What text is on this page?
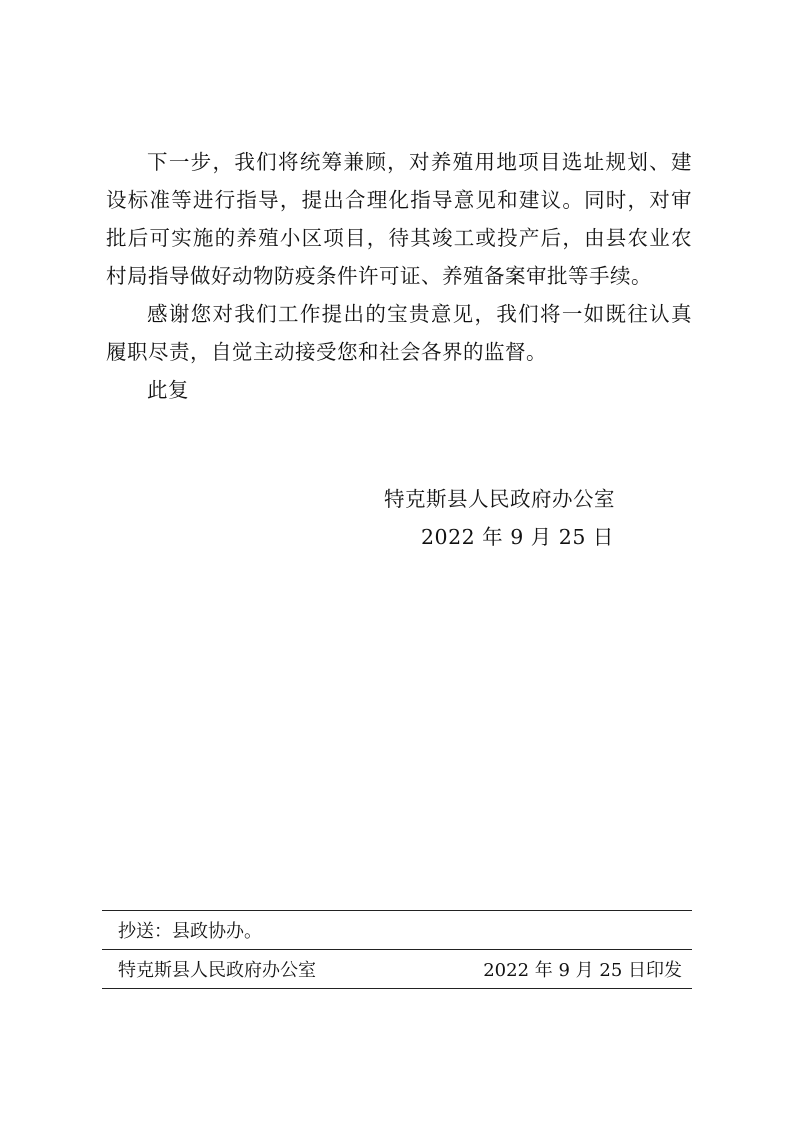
下一步，我们将统筹兼顾，对养殖用地项目选址规划、建设标准等进行指导，提出合理化指导意见和建议。同时，对审批后可实施的养殖小区项目，待其竣工或投产后，由县农业农村局指导做好动物防疫条件许可证、养殖备案审批等手续。

感谢您对我们工作提出的宝贵意见，我们将一如既往认真履职尽责，自觉主动接受您和社会各界的监督。

此复

特克斯县人民政府办公室

2022 年 9 月 25 日

抄送：县政协办。
特克斯县人民政府办公室	2022 年 9 月 25 日印发
